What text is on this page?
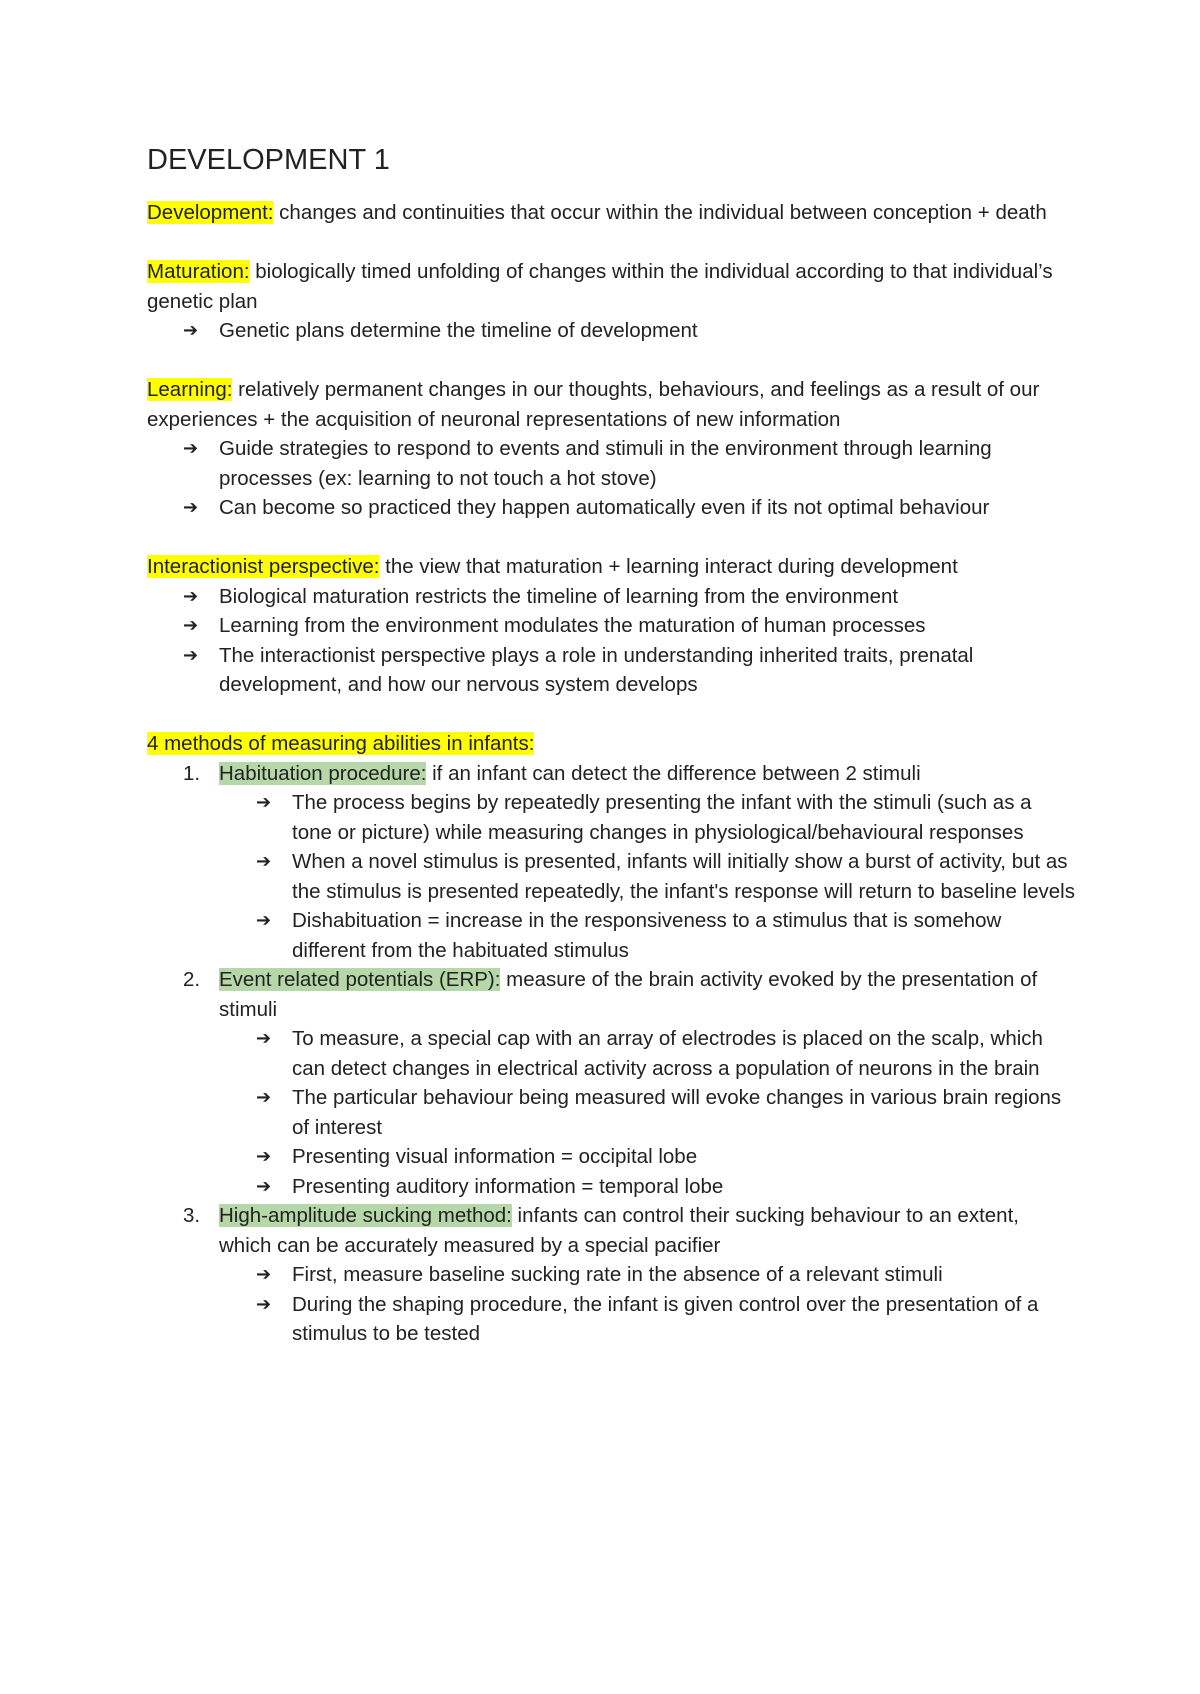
DEVELOPMENT 1

Development: changes and continuities that occur within the individual between conception + death

Maturation: biologically timed unfolding of changes within the individual according to that individual’s genetic plan

➔	Genetic plans determine the timeline of development

Learning: relatively permanent changes in our thoughts, behaviours, and feelings as a result of our experiences + the acquisition of neuronal representations of new information

➔	Guide strategies to respond to events and stimuli in the environment through learning processes (ex: learning to not touch a hot stove)
➔	Can become so practiced they happen automatically even if its not optimal behaviour

Interactionist perspective: the view that maturation + learning interact during development

➔	Biological maturation restricts the timeline of learning from the environment
➔	Learning from the environment modulates the maturation of human processes
➔	The interactionist perspective plays a role in understanding inherited traits, prenatal development, and how our nervous system develops

4 methods of measuring abilities in infants:

1. Habituation procedure: if an infant can detect the difference between 2 stimuli
➔	The process begins by repeatedly presenting the infant with the stimuli (such as a tone or picture) while measuring changes in physiological/behavioural responses
➔	When a novel stimulus is presented, infants will initially show a burst of activity, but as the stimulus is presented repeatedly, the infant's response will return to baseline levels
➔	Dishabituation = increase in the responsiveness to a stimulus that is somehow different from the habituated stimulus
2. Event related potentials (ERP): measure of the brain activity evoked by the presentation of stimuli
➔	To measure, a special cap with an array of electrodes is placed on the scalp, which can detect changes in electrical activity across a population of neurons in the brain
➔	The particular behaviour being measured will evoke changes in various brain regions of interest
➔	Presenting visual information = occipital lobe
➔	Presenting auditory information = temporal lobe
3. High-amplitude sucking method: infants can control their sucking behaviour to an extent, which can be accurately measured by a special pacifier
➔	First, measure baseline sucking rate in the absence of a relevant stimuli
➔	During the shaping procedure, the infant is given control over the presentation of a stimulus to be tested
